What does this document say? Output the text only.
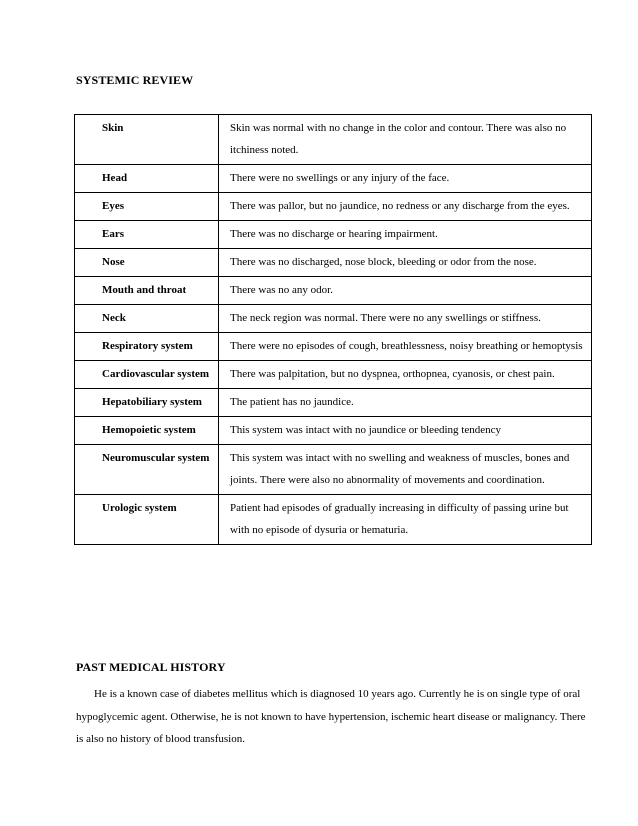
SYSTEMIC REVIEW
Skin	Skin was normal with no change in the color and contour. There was also no itchiness noted.
Head	There were no swellings or any injury of the face.
Eyes	There was pallor, but no jaundice, no redness or any discharge from the eyes.
Ears	There was no discharge or hearing impairment.
Nose	There was no discharged, nose block, bleeding or odor from the nose.
Mouth and throat	There was no any odor.
Neck	The neck region was normal. There were no any swellings or stiffness.
Respiratory system	There were no episodes of cough, breathlessness, noisy breathing or hemoptysis
Cardiovascular system	There was palpitation, but no dyspnea, orthopnea, cyanosis, or chest pain.
Hepatobiliary system	The patient has no jaundice.
Hemopoietic system	This system was intact with no jaundice or bleeding tendency
Neuromuscular system	This system was intact with no swelling and weakness of muscles, bones and joints. There were also no abnormality of movements and coordination.
Urologic system	Patient had episodes of gradually increasing in difficulty of passing urine but with no episode of dysuria or hematuria.
PAST MEDICAL HISTORY
He is a known case of diabetes mellitus which is diagnosed 10 years ago. Currently he is on single type of oral hypoglycemic agent. Otherwise, he is not known to have hypertension, ischemic heart disease or malignancy. There is also no history of blood transfusion.
